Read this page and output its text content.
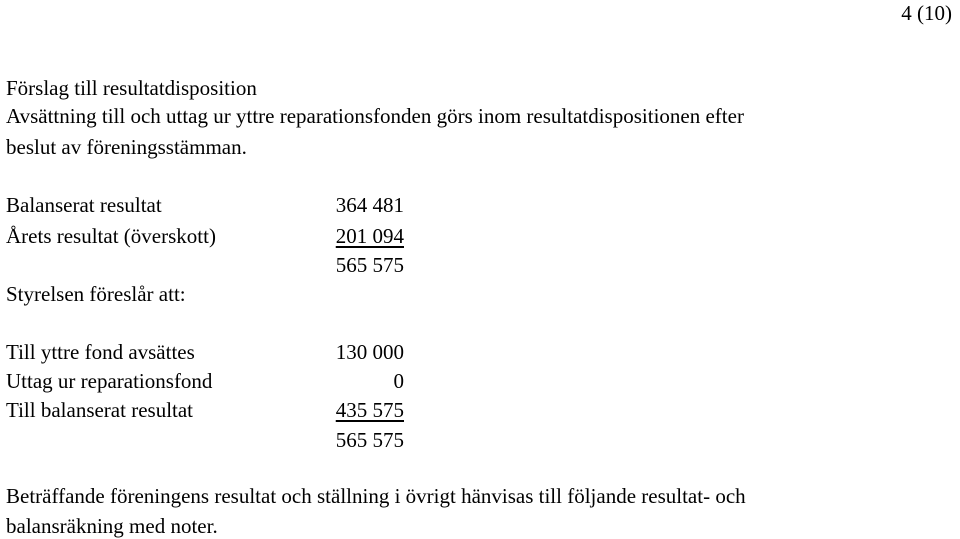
4 (10)
Förslag till resultatdisposition
Avsättning till och uttag ur yttre reparationsfonden görs inom resultatdispositionen efter
beslut av föreningsstämman.
Balanserat resultat	364 481
Årets resultat (överskott)	201 094
565 575
Styrelsen föreslår att:
Till yttre fond avsättes	130 000
Uttag ur reparationsfond	0
Till balanserat resultat	435 575
565 575
Beträffande föreningens resultat och ställning i övrigt hänvisas till följande resultat- och
balansräkning med noter.
